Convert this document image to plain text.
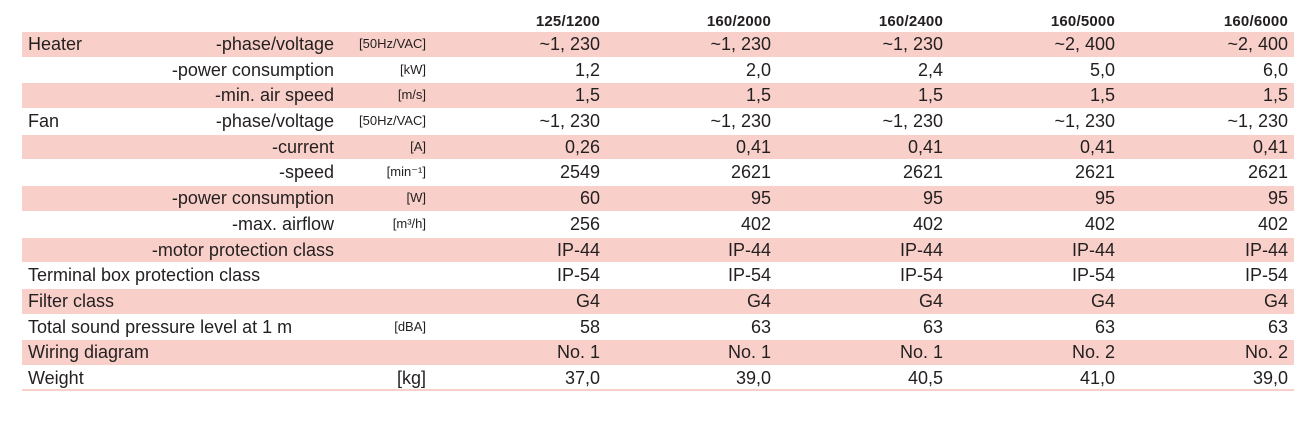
125/1200	160/2000	160/2400	160/5000	160/6000
Heater	-phase/voltage [50Hz/VAC]	~1, 230	~1, 230	~1, 230	~2, 400	~2, 400
-power consumption	[kW]	1,2	2,0	2,4	5,0	6,0
-min. air speed	[m/s]	1,5	1,5	1,5	1,5	1,5
Fan	-phase/voltage [50Hz/VAC]	~1, 230	~1, 230	~1, 230	~1, 230	~1, 230
-current	[A]	0,26	0,41	0,41	0,41	0,41
-speed	[min⁻¹]	2549	2621	2621	2621	2621
-power consumption	[W]	60	95	95	95	95
-max. airflow	[m³/h]	256	402	402	402	402
-motor protection class	IP-44	IP-44	IP-44	IP-44	IP-44
Terminal box protection class	IP-54	IP-54	IP-54	IP-54	IP-54
Filter class	G4	G4	G4	G4	G4
Total sound pressure level at 1 m	[dBA]	58	63	63	63	63
Wiring diagram	No. 1	No. 1	No. 1	No. 2	No. 2
Weight	[kg]	37,0	39,0	40,5	41,0	39,0
